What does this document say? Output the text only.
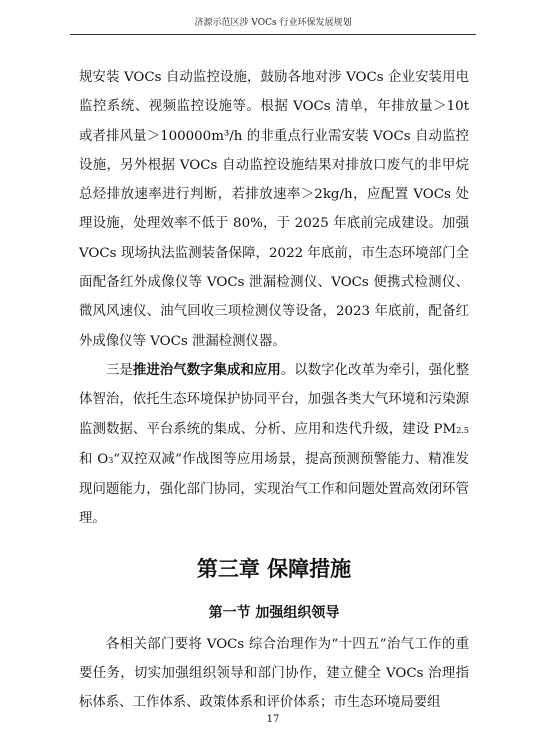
济源示范区涉 VOCs 行业环保发展规划

规安装 VOCs 自动监控设施，鼓励各地对涉 VOCs 企业安装用电监控系统、视频监控设施等。根据 VOCs 清单，年排放量＞10t 或者排风量＞100000m³/h 的非重点行业需安装 VOCs 自动监控设施，另外根据 VOCs 自动监控设施结果对排放口废气的非甲烷总烃排放速率进行判断，若排放速率＞2kg/h，应配置 VOCs 处理设施，处理效率不低于 80%，于 2025 年底前完成建设。加强 VOCs 现场执法监测装备保障，2022 年底前，市生态环境部门全面配备红外成像仪等 VOCs 泄漏检测仪、VOCs 便携式检测仪、微风风速仪、油气回收三项检测仪等设备，2023 年底前，配备红外成像仪等 VOCs 泄漏检测仪器。

三是推进治气数字集成和应用。以数字化改革为牵引，强化整体智治，依托生态环境保护协同平台，加强各类大气环境和污染源监测数据、平台系统的集成、分析、应用和迭代升级，建设 PM2.5 和 O3“双控双减”作战图等应用场景，提高预测预警能力、精准发现问题能力，强化部门协同，实现治气工作和问题处置高效闭环管理。

第三章 保障措施
第一节 加强组织领导

各相关部门要将 VOCs 综合治理作为“十四五”治气工作的重要任务，切实加强组织领导和部门协作，建立健全 VOCs 治理指标体系、工作体系、政策体系和评价体系；市生态环境局要组

17
